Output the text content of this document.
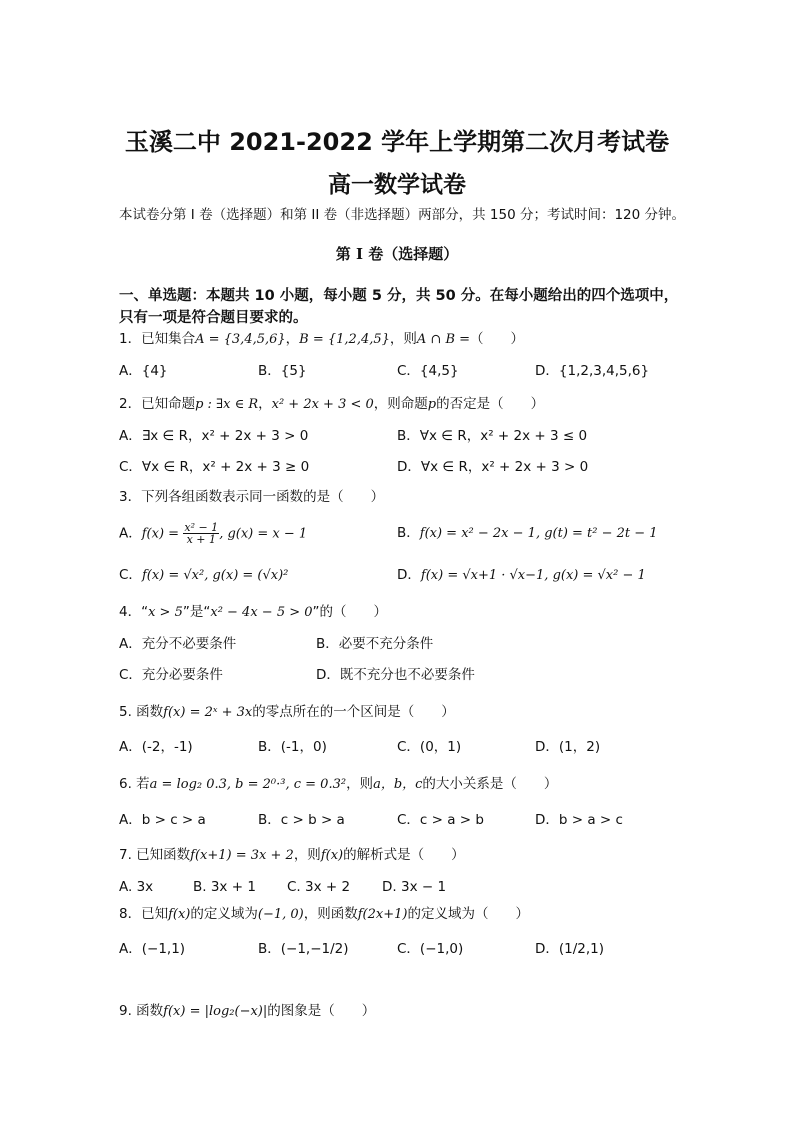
玉溪二中 2021-2022 学年上学期第二次月考试卷
高一数学试卷
本试卷分第 I 卷（选择题）和第 II 卷（非选择题）两部分，共 150 分；考试时间：120 分钟。
第 I 卷（选择题）
一、单选题：本题共 10 小题，每小题 5 分，共 50 分。在每小题给出的四个选项中，只有一项是符合题目要求的。
1．已知集合A = {3,4,5,6}，B = {1,2,4,5}，则A ∩ B =（　　）
A．{4}	B．{5}	C．{4,5}	D．{1,2,3,4,5,6}
2．已知命题p : ∃x ∈ R，x² + 2x + 3 < 0，则命题p的否定是（　　）
A．∃x ∈ R，x² + 2x + 3 > 0	B．∀x ∈ R，x² + 2x + 3 ≤ 0
C．∀x ∈ R，x² + 2x + 3 ≥ 0	D．∀x ∈ R，x² + 2x + 3 > 0
3．下列各组函数表示同一函数的是（　　）
A．$f(x) = \frac{\text{x² − 1}}{x + 1}$ , g(x) = x − 1	B．f(x) = x² − 2x − 1, g(t) = t² − 2t − 1
C．f(x) = √x², g(x) = (√x)²	D．f(x) = √x+1 · √x−1, g(x) = √x² − 1
4．“x > 5”是“x² − 4x − 5 > 0”的（　　）
A．充分不必要条件	B．必要不充分条件
C．充分必要条件	D．既不充分也不必要条件
5. 函数f(x) = 2ˣ + 3x的零点所在的一个区间是（　　）
A．(-2，-1)	B．(-1，0)	C．(0，1)	D．(1，2)
6. 若a = log₂ 0.3, b = 2⁰·³, c = 0.3²，则a，b，c的大小关系是（　　）
A．b > c > a	B．c > b > a	C．c > a > b	D．b > a > c
7. 已知函数f(x+1) = 3x + 2，则f(x)的解析式是（　　）
A. 3x	B. 3x + 1 C. 3x + 2 D. 3x − 1
8．已知f(x)的定义域为(−1, 0)，则函数f(2x+1)的定义域为（　　）
A．(−1,1)	B．(−1,−1/2)	C．(−1,0)	D．(1/2,1)
9. 函数f(x) = |log₂(−x)|的图象是（　　）
